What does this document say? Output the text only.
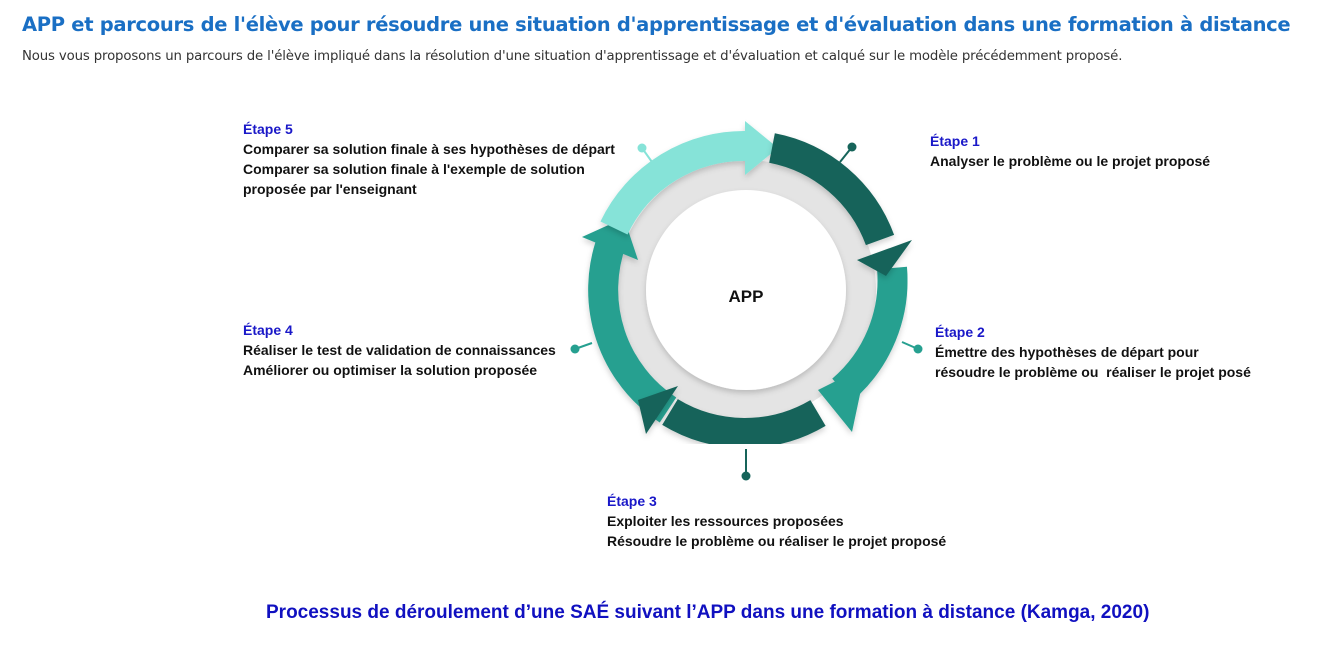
APP et parcours de l'élève pour résoudre une situation d'apprentissage et d'évaluation dans une formation à distance
Nous vous proposons un parcours de l'élève impliqué dans la résolution d'une situation d'apprentissage et d'évaluation et calqué sur le modèle précédemment proposé.
APP
Étape 1
Analyser le problème ou le projet proposé
Étape 2
Émettre des hypothèses de départ pour
résoudre le problème ou  réaliser le projet posé
Étape 3
Exploiter les ressources proposées
Résoudre le problème ou réaliser le projet proposé
Étape 4
Réaliser le test de validation de connaissances
Améliorer ou optimiser la solution proposée
Étape 5
Comparer sa solution finale à ses hypothèses de départ
Comparer sa solution finale à l'exemple de solution
proposée par l'enseignant
Processus de déroulement d’une SAÉ suivant l’APP dans une formation à distance (Kamga, 2020)
